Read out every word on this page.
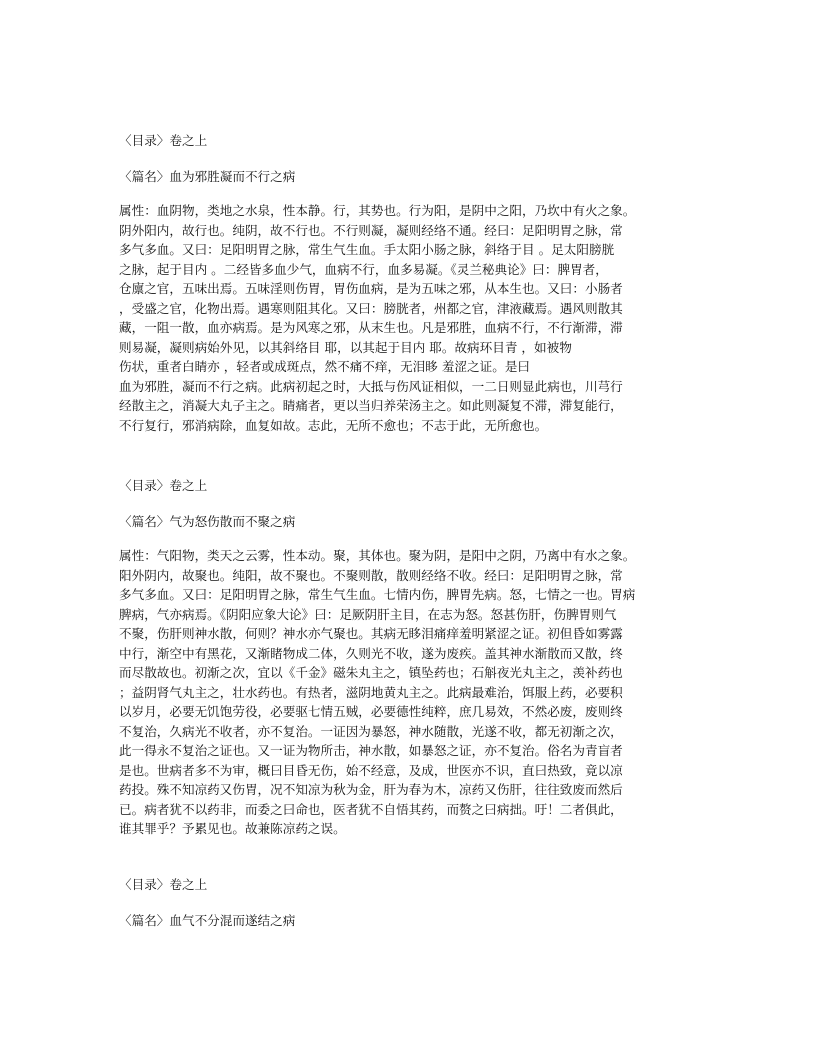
〈目录〉卷之上
〈篇名〉血为邪胜凝而不行之病
属性：血阴物，类地之水泉，性本静。行，其势也。行为阳，是阴中之阳，乃坎中有火之象。
阴外阳内，故行也。纯阴，故不行也。不行则凝，凝则经络不通。经曰：足阳明胃之脉，常
多气多血。又曰：足阳明胃之脉，常生气生血。手太阳小肠之脉，斜络于目 。足太阳膀胱
之脉，起于目内 。二经皆多血少气，血病不行，血多易凝。《灵兰秘典论》曰：脾胃者，
仓廪之官，五味出焉。五味淫则伤胃，胃伤血病，是为五味之邪，从本生也。又曰：小肠者
，受盛之官，化物出焉。遇寒则阻其化。又曰：膀胱者，州都之官，津液藏焉。遇风则散其
藏，一阻一散，血亦病焉。是为风寒之邪，从末生也。凡是邪胜，血病不行，不行渐滞，滞
则易凝，凝则病始外见，以其斜络目 耶，以其起于目内 耶。故病环目青 ，如被物
伤状，重者白睛亦 ，轻者或成斑点，然不痛不痒，无泪眵 羞涩之证。是曰
血为邪胜，凝而不行之病。此病初起之时，大抵与伤风证相似，一二日则显此病也，川芎行
经散主之，消凝大丸子主之。睛痛者，更以当归养荣汤主之。如此则凝复不滞，滞复能行，
不行复行，邪消病除，血复如故。志此，无所不愈也；不志于此，无所愈也。
〈目录〉卷之上
〈篇名〉气为怒伤散而不聚之病
属性：气阳物，类天之云雾，性本动。聚，其体也。聚为阴，是阳中之阴，乃离中有水之象。
阳外阴内，故聚也。纯阳，故不聚也。不聚则散，散则经络不收。经曰：足阳明胃之脉，常
多气多血。又曰：足阳明胃之脉，常生气生血。七情内伤，脾胃先病。怒，七情之一也。胃病
脾病，气亦病焉。《阴阳应象大论》曰：足厥阴肝主目，在志为怒。怒甚伤肝，伤脾胃则气
不聚，伤肝则神水散，何则？神水亦气聚也。其病无眵泪痛痒羞明紧涩之证。初但昏如雾露
中行，渐空中有黑花，又渐睹物成二体，久则光不收，遂为废疾。盖其神水渐散而又散，终
而尽散故也。初渐之次，宜以《千金》磁朱丸主之，镇坠药也；石斛夜光丸主之，羡补药也
；益阴肾气丸主之，壮水药也。有热者，滋阴地黄丸主之。此病最难治，饵服上药，必要积
以岁月，必要无饥饱劳役，必要驱七情五贼，必要德性纯粹，庶几易效，不然必废，废则终
不复治，久病光不收者，亦不复治。一证因为暴怒，神水随散，光遂不收，都无初渐之次，
此一得永不复治之证也。又一证为物所击，神水散，如暴怒之证，亦不复治。俗名为青盲者
是也。世病者多不为审，概曰目昏无伤，始不经意，及成，世医亦不识，直曰热致，竟以凉
药投。殊不知凉药又伤胃，况不知凉为秋为金，肝为春为木，凉药又伤肝，往往致废而然后
已。病者犹不以药非，而委之曰命也，医者犹不自悟其药，而赘之曰病拙。吁！二者俱此，
谁其罪乎？予累见也。故兼陈凉药之误。
〈目录〉卷之上
〈篇名〉血气不分混而遂结之病
